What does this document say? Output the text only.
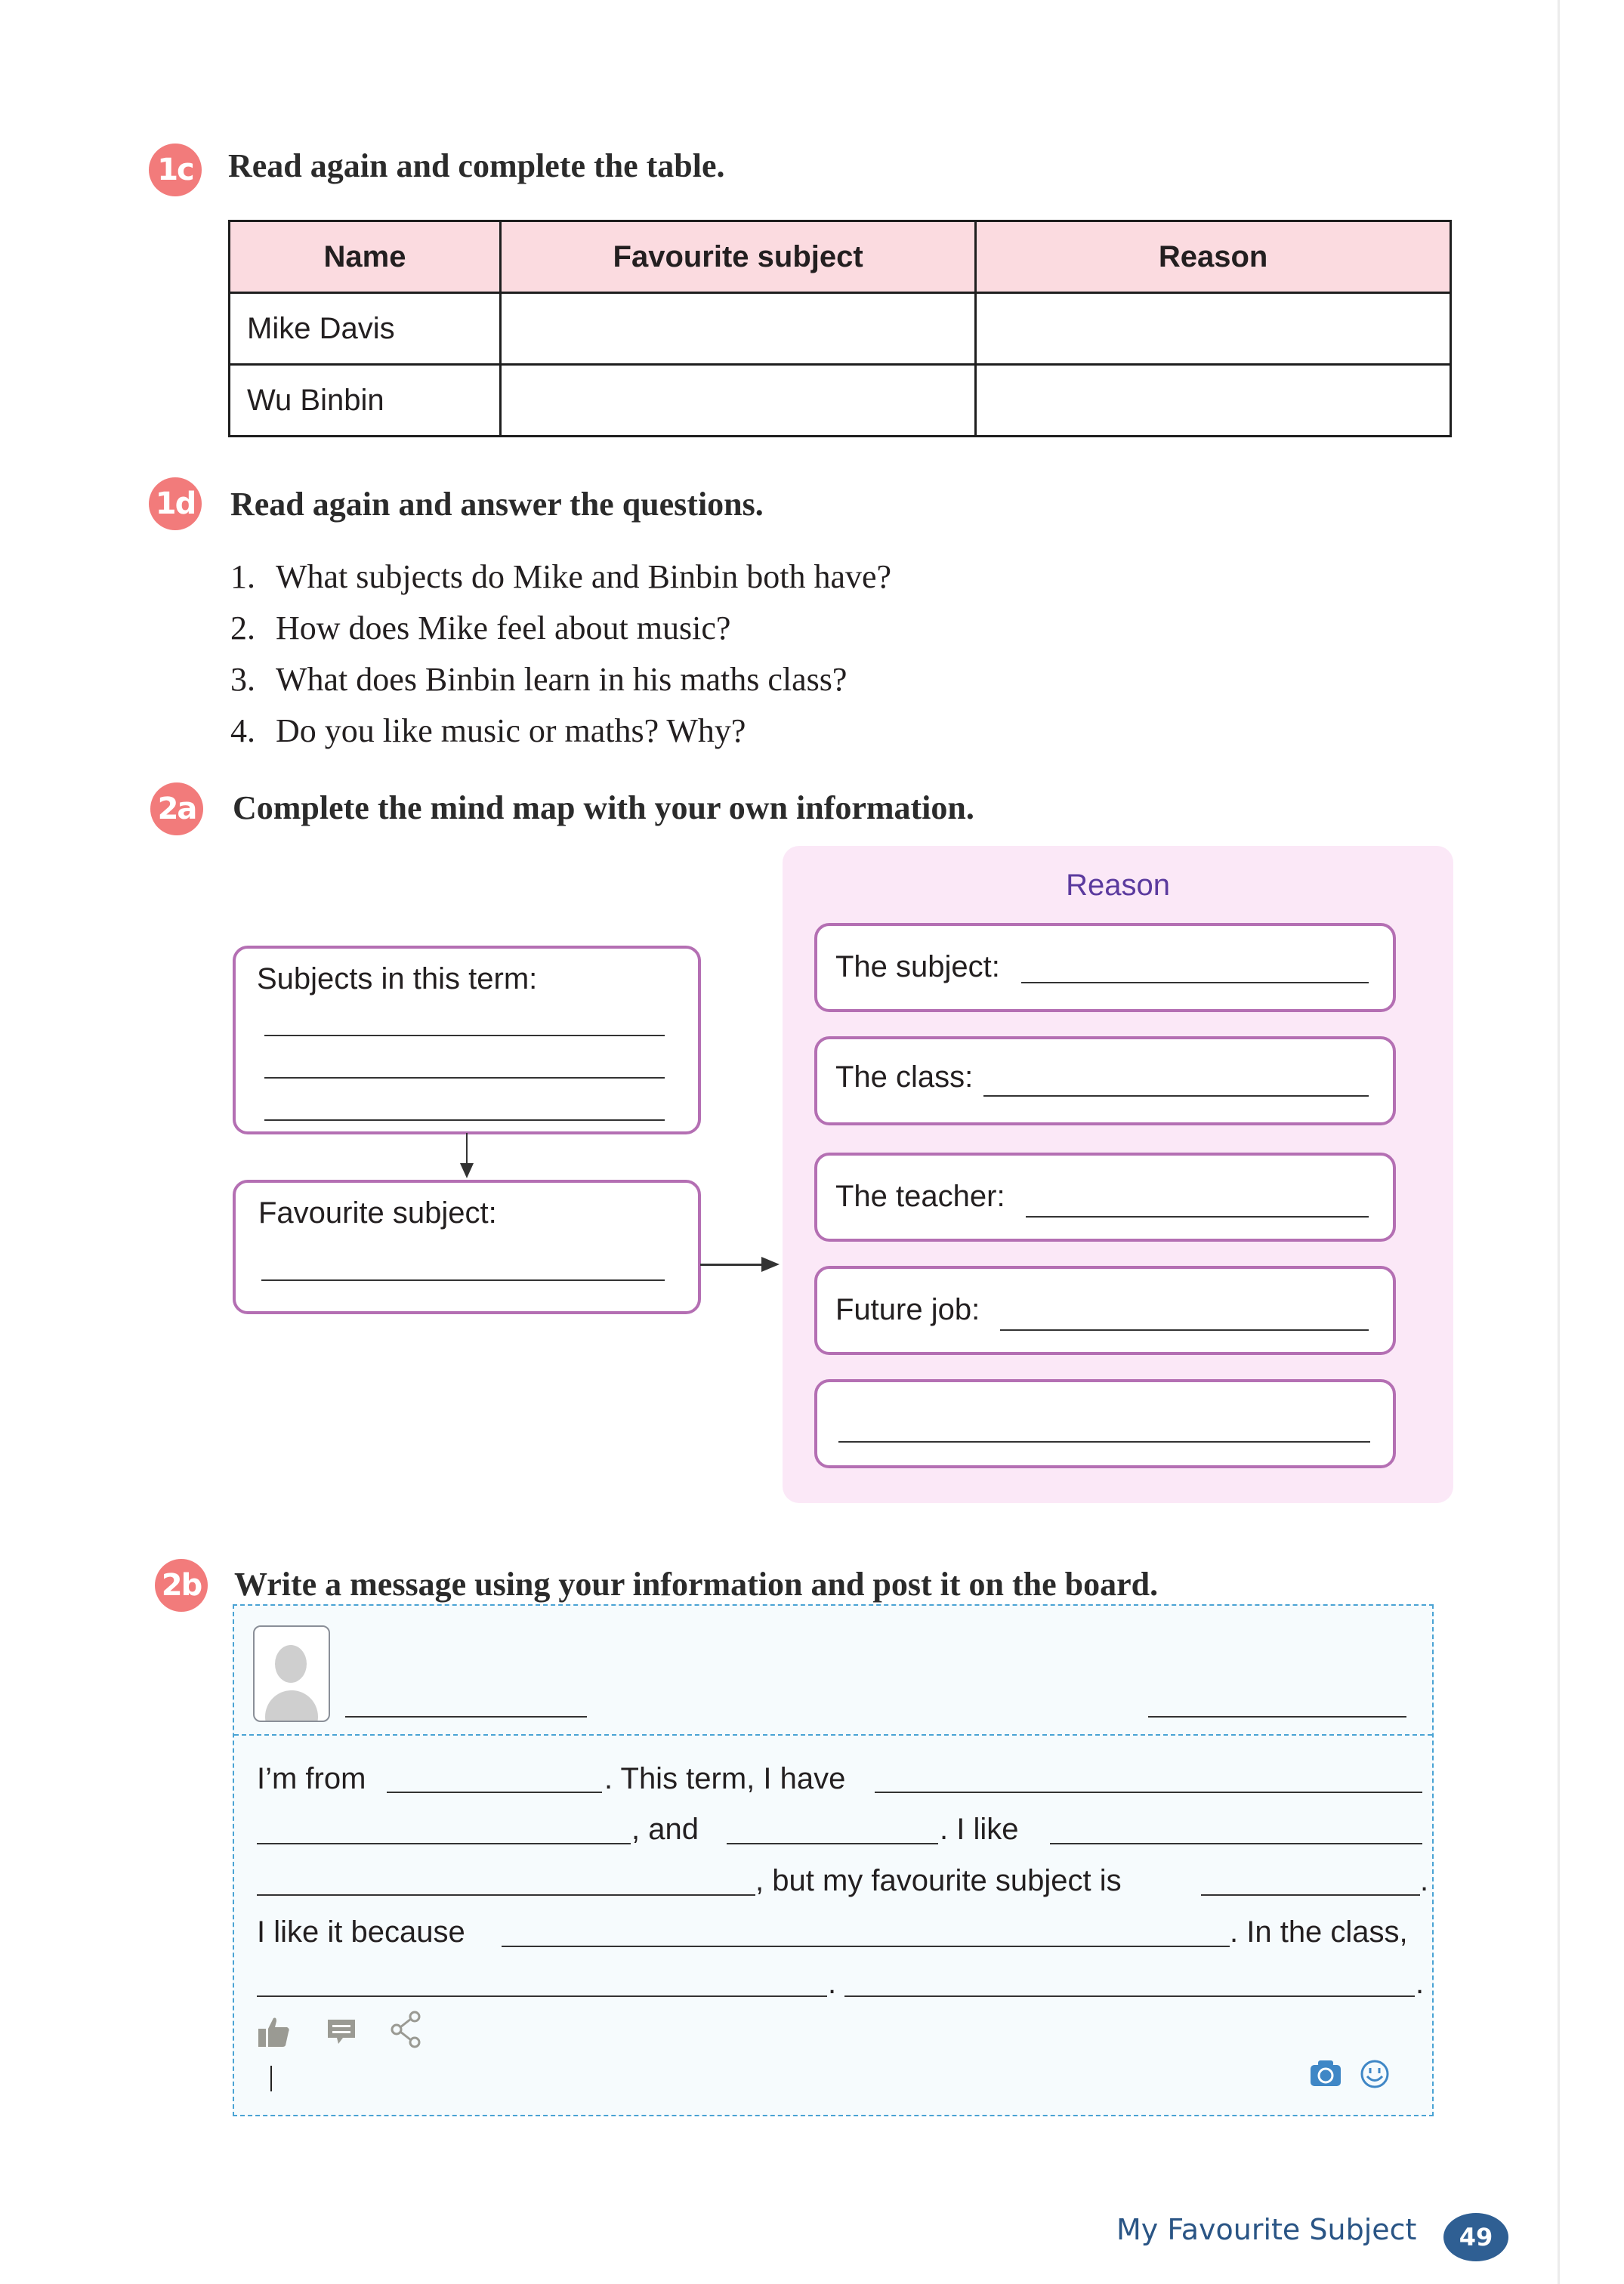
1c Read again and complete the table.
Name	Favourite subject	Reason
Mike Davis		
Wu Binbin		
1d Read again and answer the questions.
1. What subjects do Mike and Binbin both have?
2. How does Mike feel about music?
3. What does Binbin learn in his maths class?
4. Do you like music or maths? Why?
2a Complete the mind map with your own information.
Subjects in this term:
Favourite subject:
Reason
The subject:
The class:
The teacher:
Future job:
2b Write a message using your information and post it on the board.
I’m from	. This term, I have
, and	. I like
, but my favourite subject is	.
I like it because	. In the class,
.	.
My Favourite Subject	49
